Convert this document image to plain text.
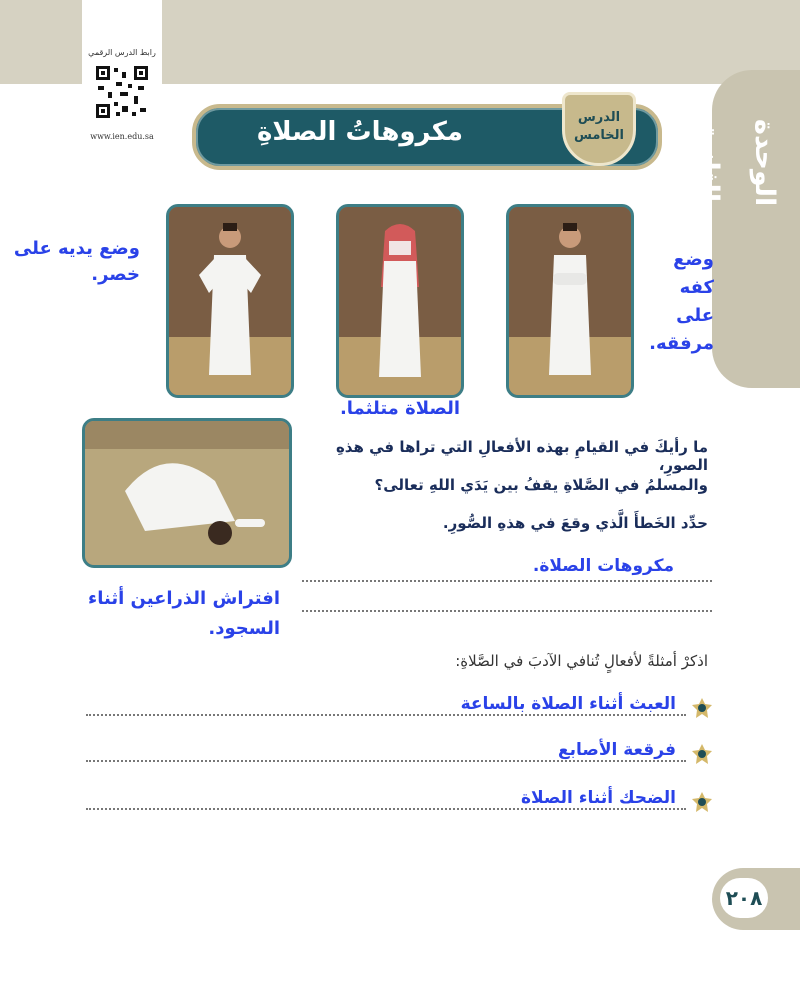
الوحدة الثانية
رابط الدرس الرقمي
www.ien.edu.sa	مكروهاتُ الصلاةِ	الدرس
الخامس
وضع يديه على خصر.
الصلاة متلثما.
وضع كفه على مرفقه.
افتراش الذراعين أثناء السجود.
ما رأيكَ في القيامِ بهذه الأفعالِ التي تراها في هذهِ الصورِ،
والمسلمُ في الصَّلاةِ يقفُ بين يَدَي اللهِ تعالى؟
حدِّد الخَطأَ الَّذي وقعَ في هذهِ الصُّورِ.
مكروهات الصلاة.
اذكرْ أمثلةً لأفعالٍ تُنافي الآدبَ في الصَّلاةِ:
العبث أثناء الصلاة بالساعة
فرقعة الأصابع
الضحك أثناء الصلاة
٢٠٨
